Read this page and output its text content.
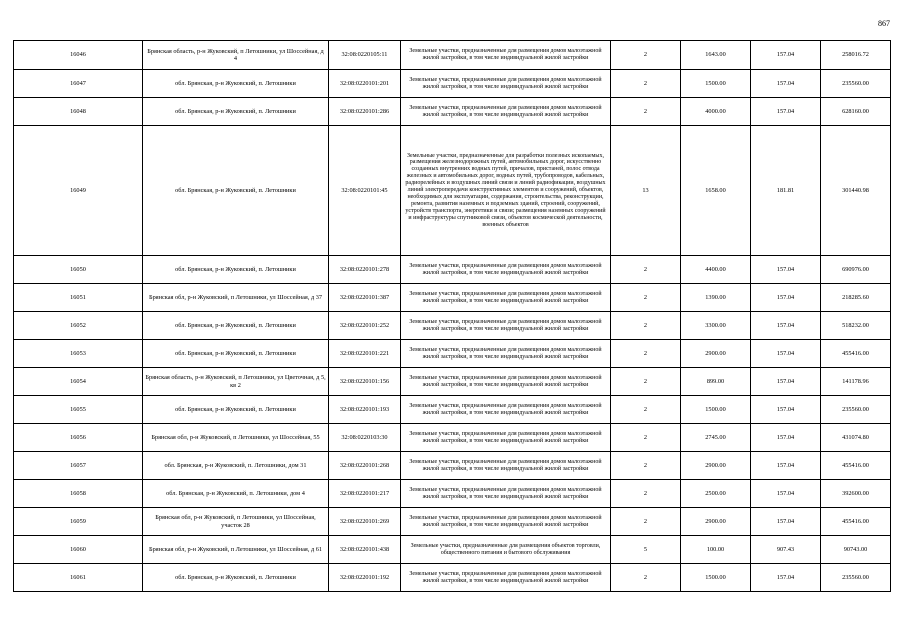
867
16046	Брянская область, р-н Жуковский, п Летошники, ул Шоссейная, д 4	32:08:0220105:11	Земельные участки, предназначенные для размещения домов малоэтажной жилой застройки, в том числе индивидуальной жилой застройки	2	1643.00	157.04	258016.72
16047	обл. Брянская, р-н Жуковский, п. Летошники	32:08:0220101:201	Земельные участки, предназначенные для размещения домов малоэтажной жилой застройки, в том числе индивидуальной жилой застройки	2	1500.00	157.04	235560.00
16048	обл. Брянская, р-н Жуковский, п. Летошники	32:08:0220101:286	Земельные участки, предназначенные для размещения домов малоэтажной жилой застройки, в том числе индивидуальной жилой застройки	2	4000.00	157.04	628160.00
16049	обл. Брянская, р-н Жуковский, п. Летошники	32:08:0220101:45	Земельные участки, предназначенные для разработки полезных ископаемых, размещения железнодорожных путей, автомобильных дорог, искусственно созданных внутренних водных путей, причалов, пристаней, полос отвода железных и автомобильных дорог, водных путей, трубопроводов, кабельных, радиорелейных и воздушных линий связи и линий радиофикации, воздушных линий электропередачи конструктивных элементов и сооружений, объектов, необходимых для эксплуатации, содержания, строительства, реконструкции, ремонта, развития наземных и подземных зданий, строений, сооружений, устройств транспорта, энергетики и связи; размещения наземных сооружений и инфраструктуры спутниковой связи, объектов космической деятельности, военных объектов	13	1658.00	181.81	301440.98
16050	обл. Брянская, р-н Жуковский, п. Летошники	32:08:0220101:278	Земельные участки, предназначенные для размещения домов малоэтажной жилой застройки, в том числе индивидуальной жилой застройки	2	4400.00	157.04	690976.00
16051	Брянская обл, р-н Жуковский, п Летошники, ул Шоссейная, д 37	32:08:0220101:387	Земельные участки, предназначенные для размещения домов малоэтажной жилой застройки, в том числе индивидуальной жилой застройки	2	1390.00	157.04	218285.60
16052	обл. Брянская, р-н Жуковский, п. Летошники	32:08:0220101:252	Земельные участки, предназначенные для размещения домов малоэтажной жилой застройки, в том числе индивидуальной жилой застройки	2	3300.00	157.04	518232.00
16053	обл. Брянская, р-н Жуковский, п. Летошники	32:08:0220101:221	Земельные участки, предназначенные для размещения домов малоэтажной жилой застройки, в том числе индивидуальной жилой застройки	2	2900.00	157.04	455416.00
16054	Брянская область, р-н Жуковский, п Летошники, ул Цветочная, д 5, кв 2	32:08:0220101:156	Земельные участки, предназначенные для размещения домов малоэтажной жилой застройки, в том числе индивидуальной жилой застройки	2	899.00	157.04	141178.96
16055	обл. Брянская, р-н Жуковский, п. Летошники	32:08:0220101:193	Земельные участки, предназначенные для размещения домов малоэтажной жилой застройки, в том числе индивидуальной жилой застройки	2	1500.00	157.04	235560.00
16056	Брянская обл, р-н Жуковский, п Летошники, ул Шоссейная, 55	32:08:0220103:30	Земельные участки, предназначенные для размещения домов малоэтажной жилой застройки, в том числе индивидуальной жилой застройки	2	2745.00	157.04	431074.80
16057	обл. Брянская, р-н Жуковский, п. Летошники, дом 31	32:08:0220101:268	Земельные участки, предназначенные для размещения домов малоэтажной жилой застройки, в том числе индивидуальной жилой застройки	2	2900.00	157.04	455416.00
16058	обл. Брянская, р-н Жуковский, п. Летошники, дом 4	32:08:0220101:217	Земельные участки, предназначенные для размещения домов малоэтажной жилой застройки, в том числе индивидуальной жилой застройки	2	2500.00	157.04	392600.00
16059	Брянская обл, р-н Жуковский, п Летошники, ул Шоссейная, участок 28	32:08:0220101:269	Земельные участки, предназначенные для размещения домов малоэтажной жилой застройки, в том числе индивидуальной жилой застройки	2	2900.00	157.04	455416.00
16060	Брянская обл, р-н Жуковский, п Летошники, ул Шоссейная, д 61	32:08:0220101:438	Земельные участки, предназначенные для размещения объектов торговли, общественного питания и бытового обслуживания	5	100.00	907.43	90743.00
16061	обл. Брянская, р-н Жуковский, п. Летошники	32:08:0220101:192	Земельные участки, предназначенные для размещения домов малоэтажной жилой застройки, в том числе индивидуальной жилой застройки	2	1500.00	157.04	235560.00
